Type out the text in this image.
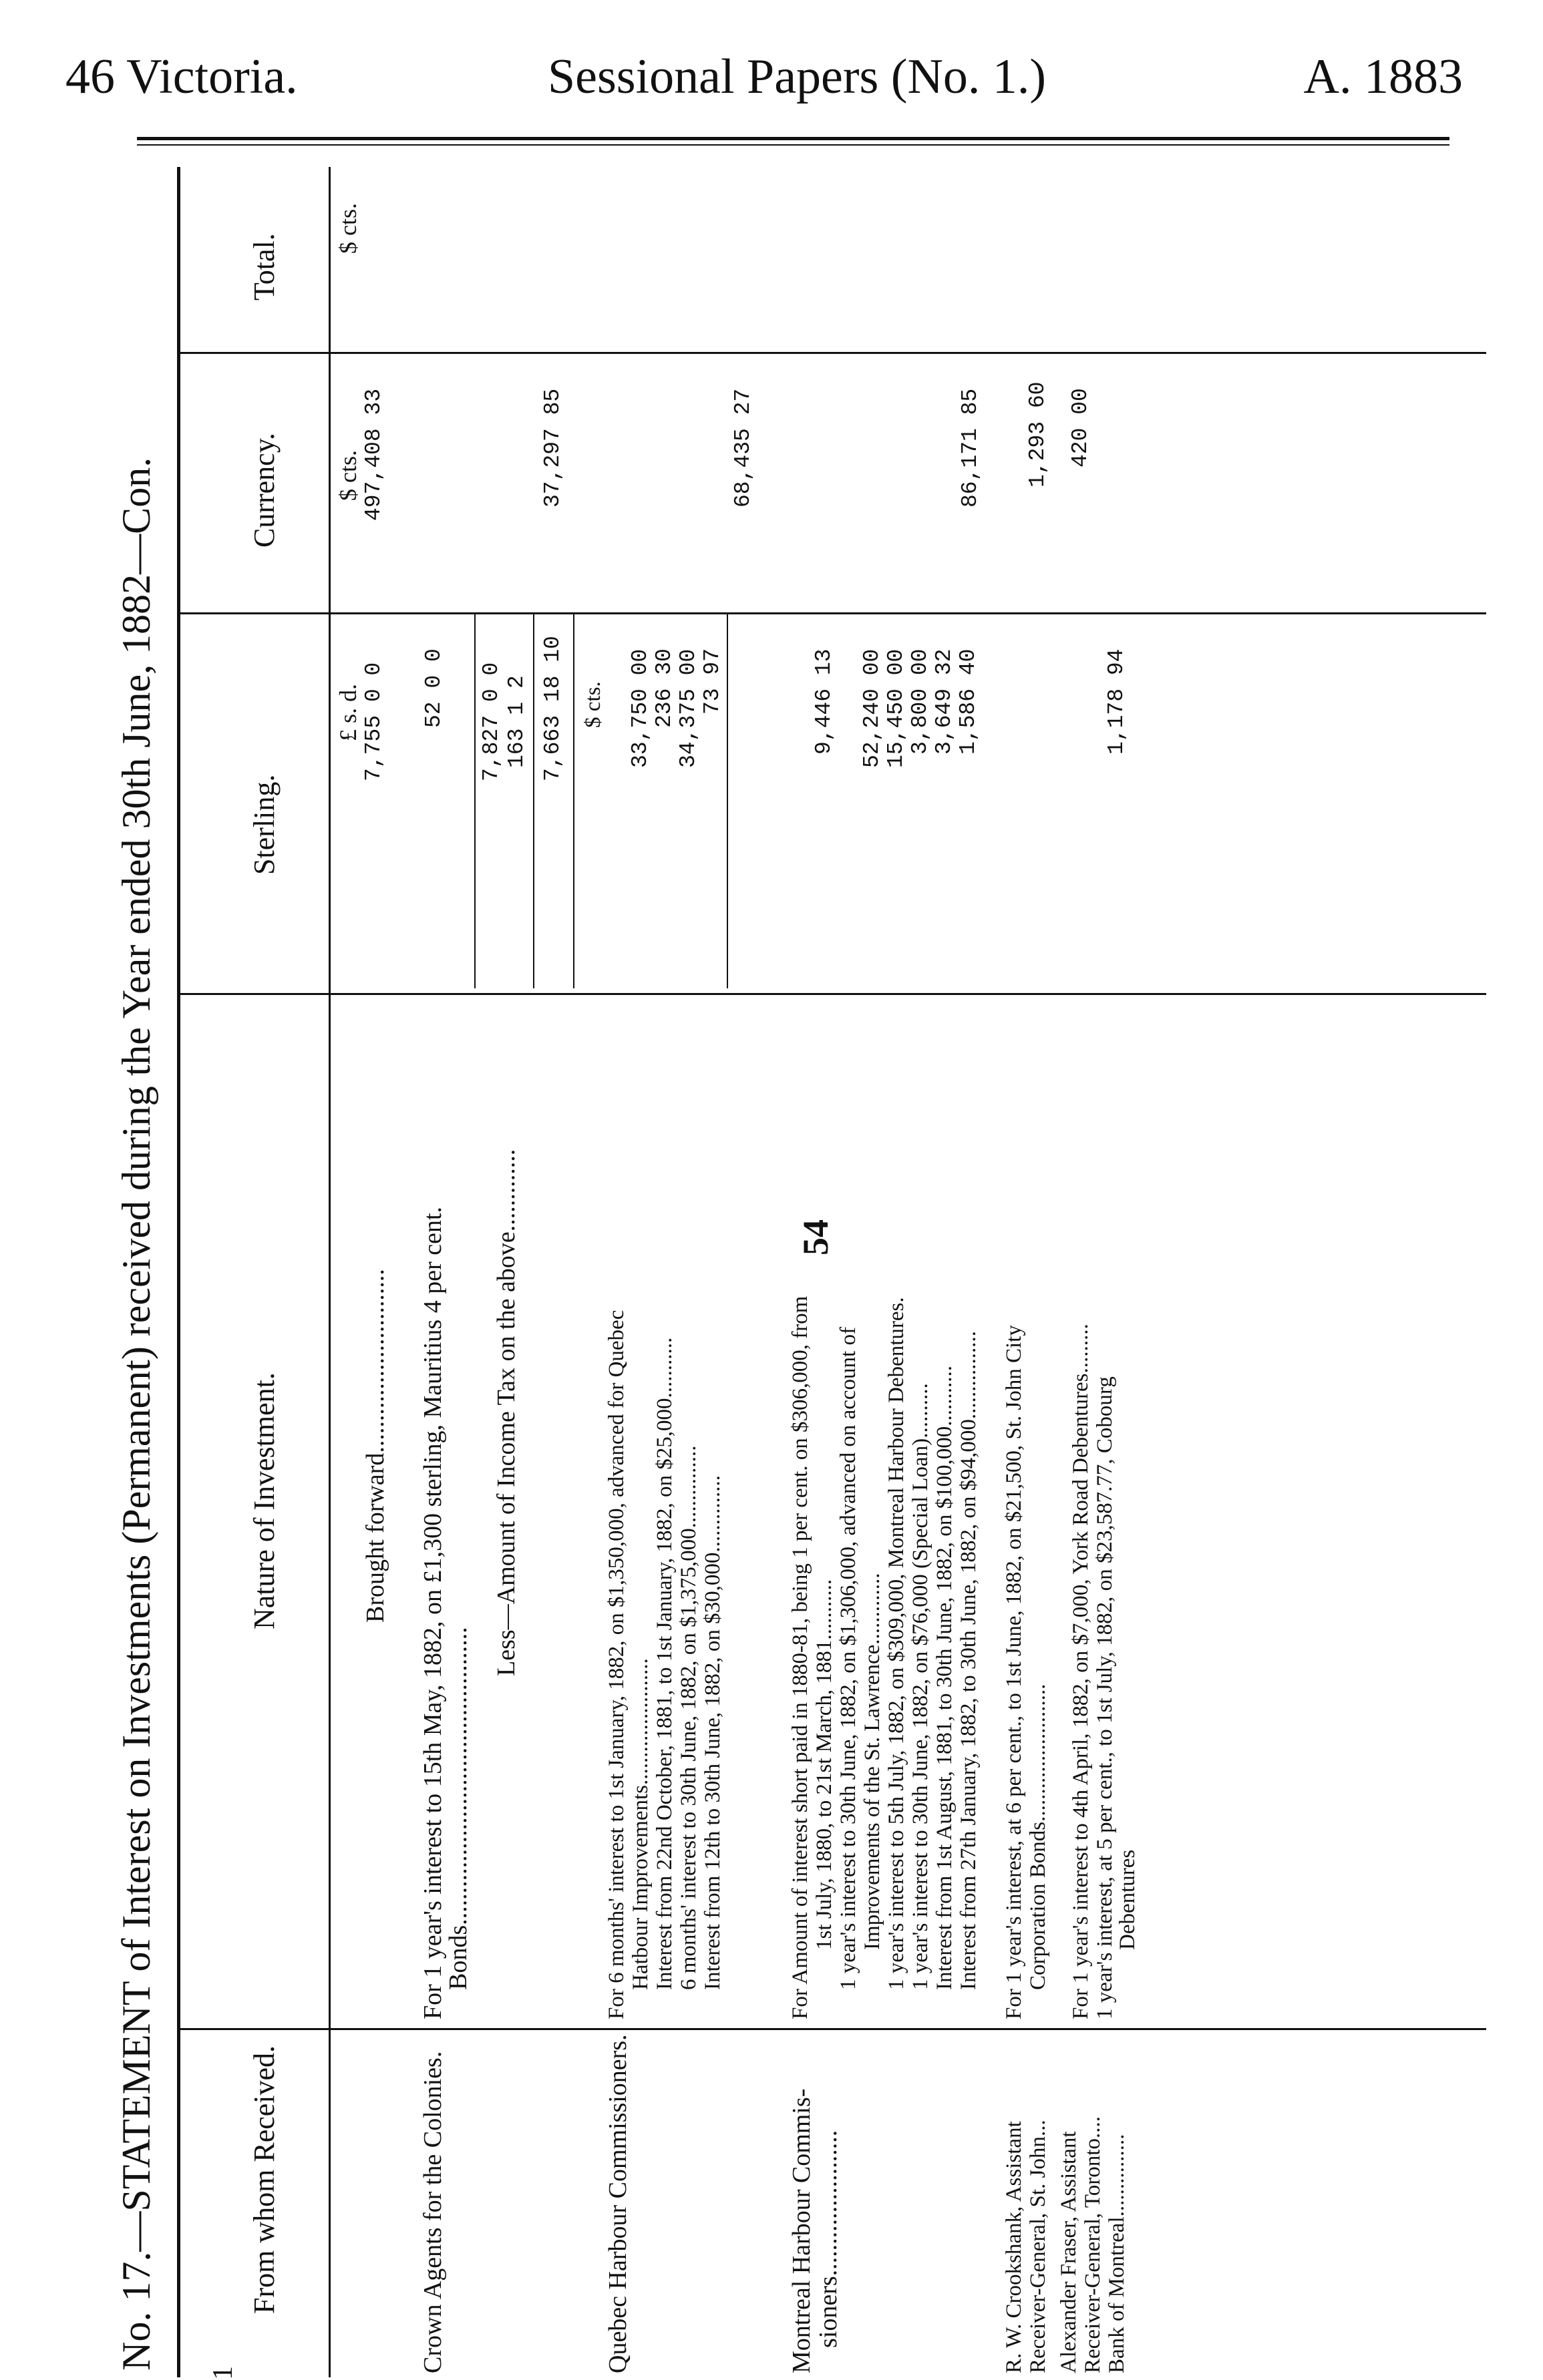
46 Victoria.	Sessional Papers (No. 1.)	A. 1883
No. 17.—STATEMENT of Interest on Investments (Permanent) received during the Year ended 30th June, 1882—Con.
1
54
From whom Received.
Nature of Investment.
Sterling.
Currency.
Total.
£ s. d.
$ cts.
$ cts.
Brought forward.............................
7,755 0 0
497,408 33
Crown Agents for the Colonies.
For 1 year's interest to 15th May, 1882, on £1,300 sterling, Mauritius 4 per cent.
Bonds...............................................
52 0 0 7,827 0 0
Less—Amount of Income Tax on the above.............
163 1 2 7,663 18 10
37,297 85
$ cts.
Quebec Harbour Commissioners.
For 6 months' interest to 1st January, 1882, on $1,350,000, advanced for Quebec Hatbour Improvements....................... Interest from 22nd October, 1881, to 1st January, 1882, on $25,000........... 6 months' interest to 30th June, 1882, on $1,375,000............... Interest from 12th to 30th June, 1882, on $30,000..............
33,750 00 236 30 34,375 00 73 97
68,435 27
Montreal Harbour Commis-
sioners.......................
For Amount of interest short paid in 1880-81, being 1 per cent. on $306,000, from 1st July, 1880, to 21st March, 1881........... 1 year's interest to 30th June, 1882, on $1,306,000, advanced on account of Improvements of the St. Lawrence............. 1 year's interest to 5th July, 1882, on $309,000, Montreal Harbour Debentures. 1 year's interest to 30th June, 1882, on $76,000 (Special Loan).......... Interest from 1st August, 1881, to 30th June, 1882, on $100,000........... Interest from 27th January, 1882, to 30th June, 1882, on $94,000................
9,446 13 52,240 00 15,450 00 3,800 00 3,649 32 1,586 40
86,171 85
R. W. Crookshank, Assistant Receiver-General, St. John...
For 1 year's interest, at 6 per cent., to 1st June, 1882, on $21,500, St. John City Corporation Bonds.........................
1,293 60
Alexander Fraser, Assistant Receiver-General, Toronto....
For 1 year's interest to 4th April, 1882, on $7,000, York Road Debentures.........
420 00
Bank of Montreal...............
1 year's interest, at 5 per cent., to 1st July, 1882, on $23,587.77, Cobourg
Debentures
1,178 94
